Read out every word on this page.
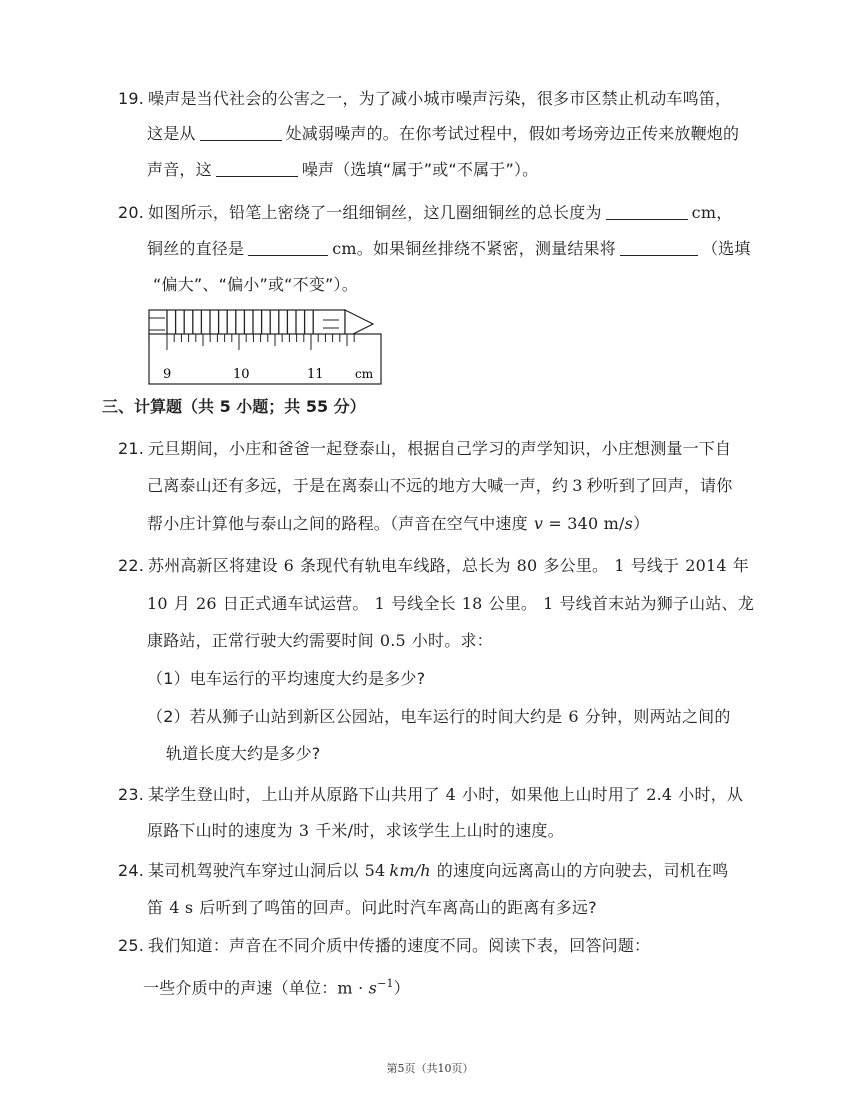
19. 噪声是当代社会的公害之一，为了减小城市噪声污染，很多市区禁止机动车鸣笛，
这是从	处减弱噪声的。在你考试过程中，假如考场旁边正传来放鞭炮的
声音，这	噪声（选填“属于”或“不属于”）。
20. 如图所示，铅笔上密绕了一组细铜丝，这几圈细铜丝的总长度为	cm，
铜丝的直径是	cm。如果铜丝排绕不紧密，测量结果将	（选填
“偏大”、“偏小”或“不变”）。
9	10	11	cm
三、计算题（共 5 小题；共 55 分）
21. 元旦期间，小庄和爸爸一起登泰山，根据自己学习的声学知识，小庄想测量一下自
己离泰山还有多远，于是在离泰山不远的地方大喊一声，约 3 秒听到了回声，请你
帮小庄计算他与泰山之间的路程。（声音在空气中速度 v = 340 m/s）
22. 苏州高新区将建设 6 条现代有轨电车线路，总长为 80 多公里。 1 号线于 2014 年
10 月 26 日正式通车试运营。 1 号线全长 18 公里。 1 号线首末站为狮子山站、龙
康路站，正常行驶大约需要时间 0.5 小时。求：
（1）电车运行的平均速度大约是多少?
（2）若从狮子山站到新区公园站，电车运行的时间大约是 6 分钟，则两站之间的
轨道长度大约是多少?
23. 某学生登山时，上山并从原路下山共用了 4 小时，如果他上山时用了 2.4 小时，从
原路下山时的速度为 3 千米/时，求该学生上山时的速度。
24. 某司机驾驶汽车穿过山洞后以 54 km/h 的速度向远离高山的方向驶去，司机在鸣
笛 4 s 后听到了鸣笛的回声。问此时汽车离高山的距离有多远?
25. 我们知道：声音在不同介质中传播的速度不同。阅读下表，回答问题：
一些介质中的声速（单位：$m \cdot s^{-1}$）
第5页（共10页）
